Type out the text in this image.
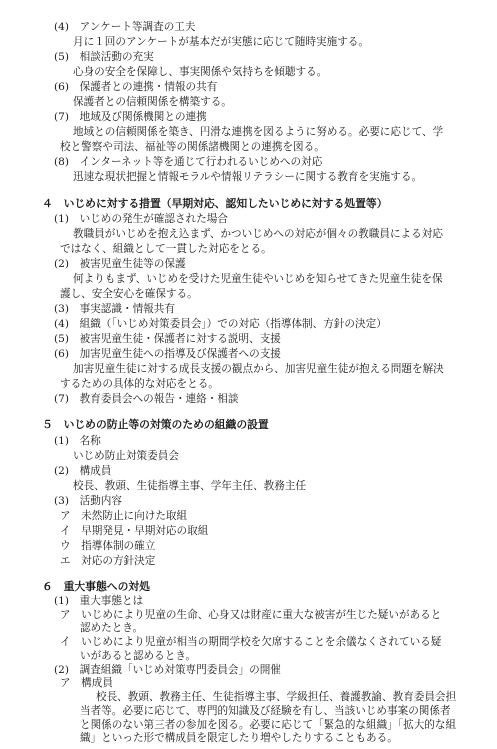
(4)　アンケート等調査の工夫
月に１回のアンケートが基本だが実態に応じて随時実施する。
(5)　相談活動の充実
心身の安全を保障し、事実関係や気持ちを傾聴する。
(6)　保護者との連携・情報の共有
保護者との信頼関係を構築する。
(7)　地域及び関係機関との連携
地域との信頼関係を築き、円滑な連携を図るように努める。必要に応じて、学
校と警察や司法、福祉等の関係諸機関との連携を図る。
(8)　インターネット等を通じて行われるいじめへの対応
迅速な現状把握と情報モラルや情報リテラシーに関する教育を実施する。
４　いじめに対する措置（早期対応、認知したいじめに対する処置等）
(1)　いじめの発生が確認された場合
教職員がいじめを抱え込まず、かついじめへの対応が個々の教職員による対応
ではなく、組織として一貫した対応をとる。
(2)　被害児童生徒等の保護
何よりもまず、いじめを受けた児童生徒やいじめを知らせてきた児童生徒を保
護し、安全安心を確保する。
(3)　事実認識・情報共有
(4)　組織（「いじめ対策委員会」）での対応（指導体制、方針の決定）
(5)　被害児童生徒・保護者に対する説明、支援
(6)　加害児童生徒への指導及び保護者への支援
加害児童生徒に対する成長支援の観点から、加害児童生徒が抱える問題を解決
するための具体的な対応をとる。
(7)　教育委員会への報告・連絡・相談
５　いじめの防止等の対策のための組織の設置
(1)　名称
いじめ防止対策委員会
(2)　構成員
校長、教頭、生徒指導主事、学年主任、教務主任
(3)　活動内容
ア　未然防止に向けた取組
イ　早期発見・早期対応の取組
ウ　指導体制の確立
エ　対応の方針決定
６　重大事態への対処
(1)　重大事態とは
ア　いじめにより児童の生命、心身又は財産に重大な被害が生じた疑いがあると
認めたとき。
イ　いじめにより児童が相当の期間学校を欠席することを余儀なくされている疑
いがあると認めるとき。
(2)　調査組織「いじめ対策専門委員会」の開催
ア　構成員
校長、教頭、教務主任、生徒指導主事、学級担任、養護教諭、教育委員会担
当者等。必要に応じて、専門的知識及び経験を有し、当該いじめ事案の関係者
と関係のない第三者の参加を図る。必要に応じて「緊急的な組織」「拡大的な組
織」といった形で構成員を限定したり増やしたりすることもある。
